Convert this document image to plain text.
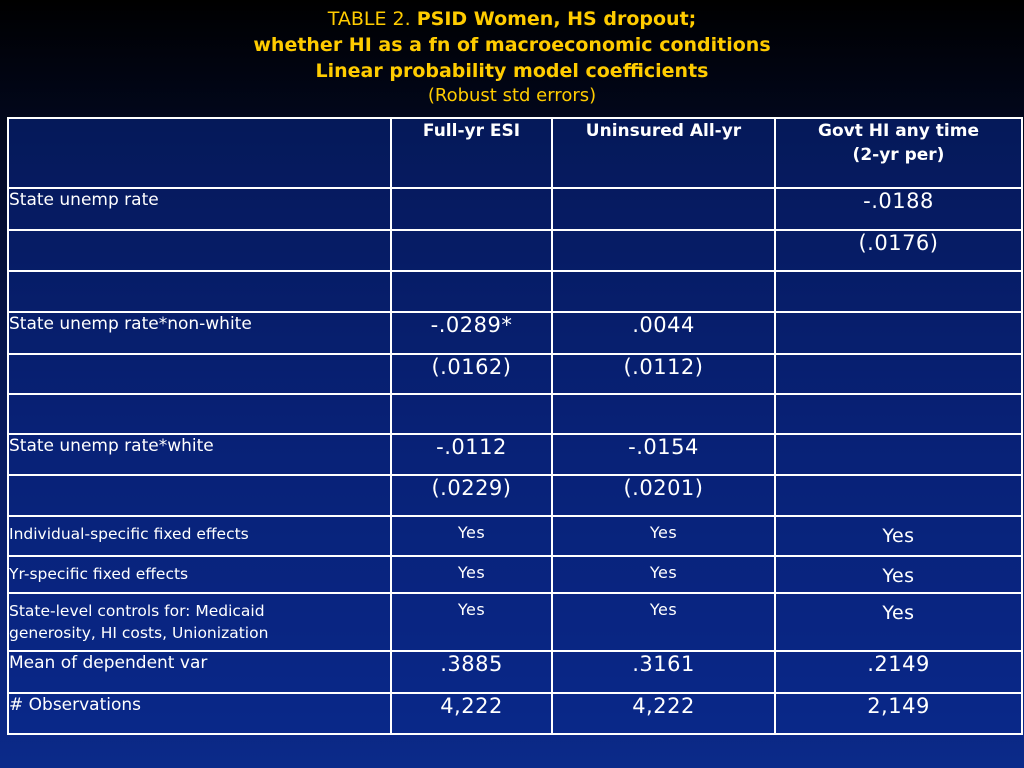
TABLE 2. PSID Women, HS dropout;
whether HI as a fn of macroeconomic conditions
Linear probability model coefficients
(Robust std errors)
	Full-yr ESI	Uninsured All-yr	Govt HI any time
(2-yr per)
State unemp rate			-.0188
			(.0176)

State unemp rate*non-white	-.0289*	.0044	
	(.0162)	(.0112)	

State unemp rate*white	-.0112	-.0154	
	(.0229)	(.0201)	
Individual-specific fixed effects	Yes	Yes	Yes
Yr-specific fixed effects	Yes	Yes	Yes
State-level controls for: Medicaid
generosity, HI costs, Unionization	Yes	Yes	Yes
Mean of dependent var	.3885	.3161	.2149
# Observations	4,222	4,222	2,149
